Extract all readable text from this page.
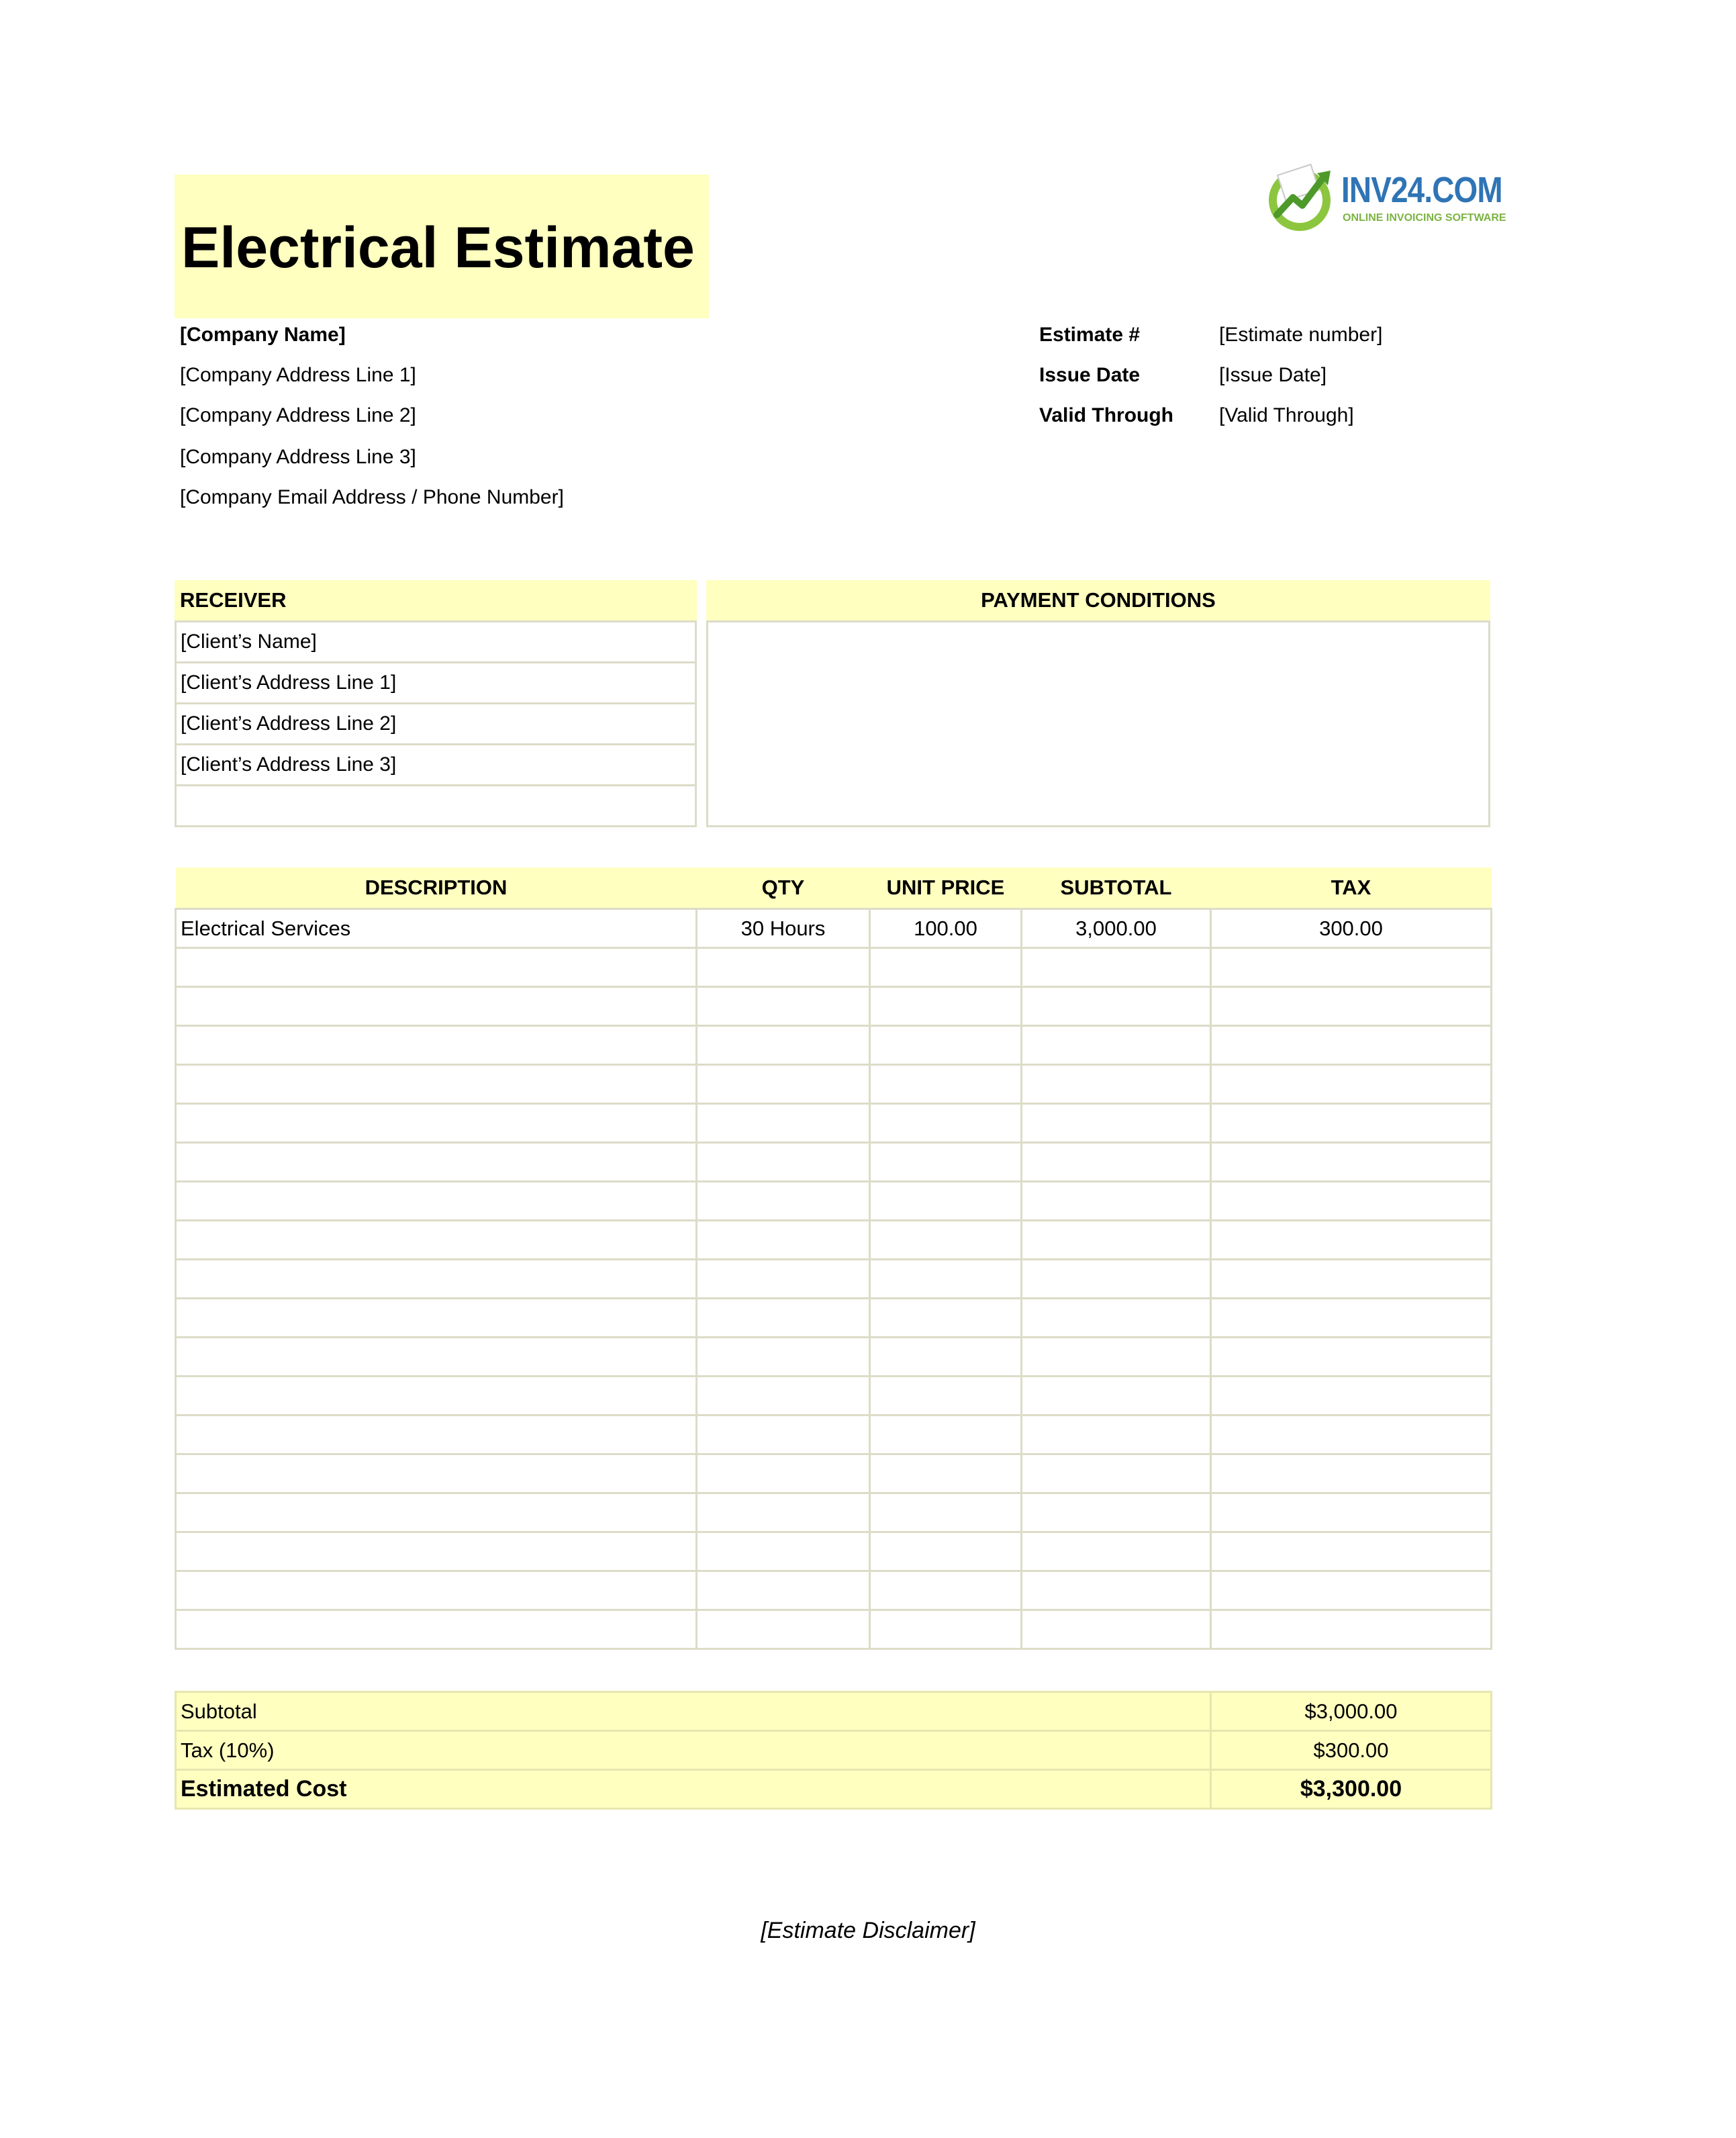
Electrical Estimate
INV24.COM
ONLINE INVOICING SOFTWARE
[Company Name]
[Company Address Line 1]
[Company Address Line 2]
[Company Address Line 3]
[Company Email Address / Phone Number]
Estimate #	[Estimate number]
Issue Date	[Issue Date]
Valid Through [Valid Through]
RECEIVER
[Client’s Name]
[Client’s Address Line 1]
[Client’s Address Line 2]
[Client’s Address Line 3]
PAYMENT CONDITIONS
DESCRIPTION	QTY	UNIT PRICE	SUBTOTAL	TAX
Electrical Services	30 Hours	100.00	3,000.00	300.00

Subtotal	$3,000.00
Tax (10%)	$300.00
Estimated Cost	$3,300.00
[Estimate Disclaimer]
